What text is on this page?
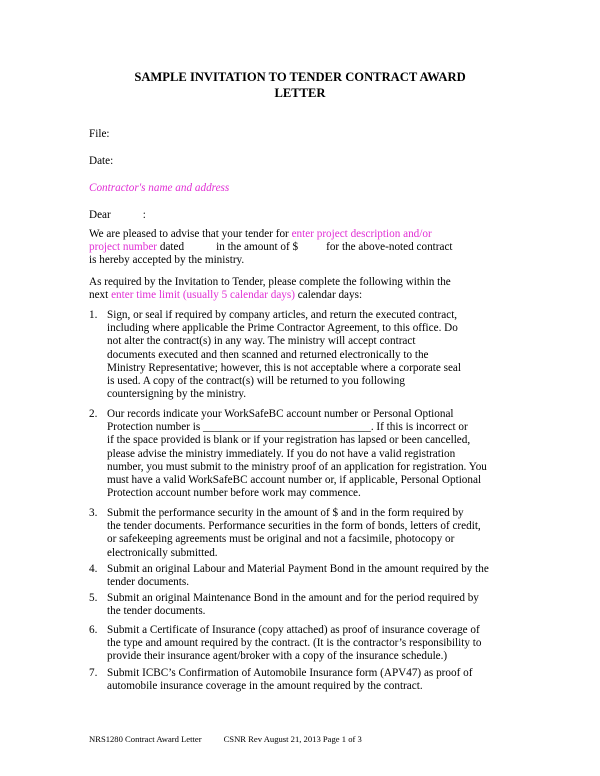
SAMPLE INVITATION TO TENDER CONTRACT AWARD
LETTER
File:
Date:
Contractor's name and address
Dear	:
We are pleased to advise that your tender for enter project description and/or
project number dated	in the amount of $	for the above-noted contract
is hereby accepted by the ministry.
As required by the Invitation to Tender, please complete the following within the
next enter time limit (usually 5 calendar days) calendar days:
1. Sign, or seal if required by company articles, and return the executed contract,
including where applicable the Prime Contractor Agreement, to this office. Do
not alter the contract(s) in any way. The ministry will accept contract
documents executed and then scanned and returned electronically to the
Ministry Representative; however, this is not acceptable where a corporate seal
is used. A copy of the contract(s) will be returned to you following
countersigning by the ministry.
2. Our records indicate your WorkSafeBC account number or Personal Optional
Protection number is ______________________________. If this is incorrect or
if the space provided is blank or if your registration has lapsed or been cancelled,
please advise the ministry immediately. If you do not have a valid registration
number, you must submit to the ministry proof of an application for registration. You
must have a valid WorkSafeBC account number or, if applicable, Personal Optional
Protection account number before work may commence.
3. Submit the performance security in the amount of $ and in the form required by
the tender documents. Performance securities in the form of bonds, letters of credit,
or safekeeping agreements must be original and not a facsimile, photocopy or
electronically submitted.
4. Submit an original Labour and Material Payment Bond in the amount required by the
tender documents.
5. Submit an original Maintenance Bond in the amount and for the period required by
the tender documents.
6. Submit a Certificate of Insurance (copy attached) as proof of insurance coverage of
the type and amount required by the contract. (It is the contractor’s responsibility to
provide their insurance agent/broker with a copy of the insurance schedule.)
7. Submit ICBC’s Confirmation of Automobile Insurance form (APV47) as proof of
automobile insurance coverage in the amount required by the contract.
NRS1280 Contract Award Letter	CSNR Rev August 21, 2013 Page 1 of 3
